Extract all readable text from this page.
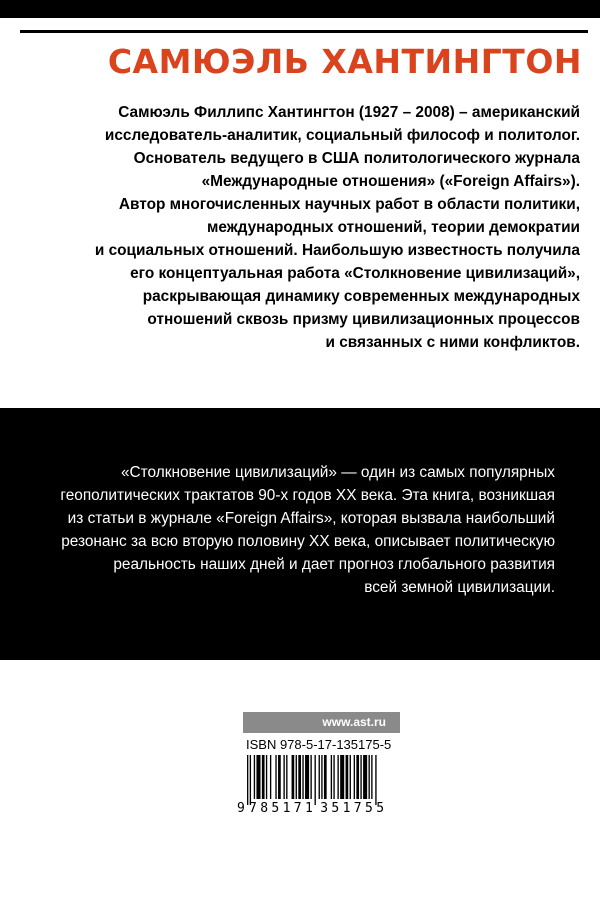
САМЮЭЛЬ ХАНТИНГТОН
Самюэль Филлипс Хантингтон (1927 – 2008) – американский
исследователь-аналитик, социальный философ и политолог.
Основатель ведущего в США политологического журнала
«Международные отношения» («Foreign Affairs»).
Автор многочисленных научных работ в области политики,
международных отношений, теории демократии
и социальных отношений. Наибольшую известность получила
его концептуальная работа «Столкновение цивилизаций»,
раскрывающая динамику современных международных
отношений сквозь призму цивилизационных процессов
и связанных с ними конфликтов.
«Столкновение цивилизаций» — один из самых популярных
геополитических трактатов 90-х годов XX века. Эта книга, возникшая
из статьи в журнале «Foreign Affairs», которая вызвала наибольший
резонанс за всю вторую половину XX века, описывает политическую
реальность наших дней и дает прогноз глобального развития
всей земной цивилизации.
www.ast.ru
ISBN 978-5-17-135175-5
9 7 8 5 1 7 1 3 5 1 7 5 5
